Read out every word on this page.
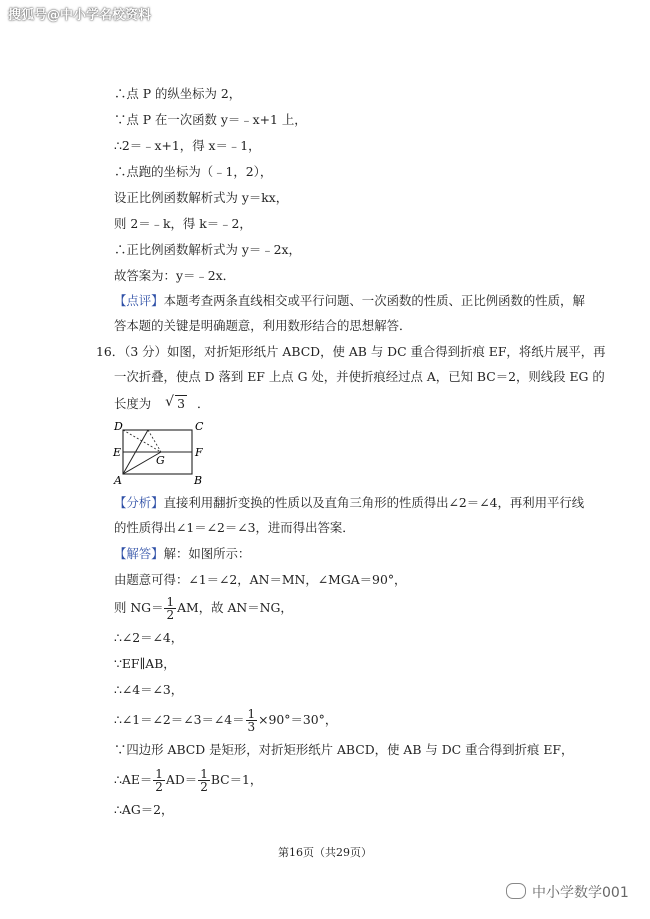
搜狐号@中小学名校资料
∴点 P 的纵坐标为 2，
∵点 P 在一次函数 y＝﹣x+1 上，
∴2＝﹣x+1，得 x＝﹣1，
∴点跑的坐标为（﹣1，2），
设正比例函数解析式为 y＝kx，
则 2＝﹣k，得 k＝﹣2，
∴正比例函数解析式为 y＝﹣2x，
故答案为：y＝﹣2x．
【点评】本题考查两条直线相交或平行问题、一次函数的性质、正比例函数的性质，解
答本题的关键是明确题意，利用数形结合的思想解答．
16．（3 分）如图，对折矩形纸片 ABCD，使 AB 与 DC 重合得到折痕 EF，将纸片展平，再
一次折叠，使点 D 落到 EF 上点 G 处，并使折痕经过点 A，已知 BC＝2，则线段 EG 的
长度为 √ 3 ．
D	C
E	F
G
A	B
【分析】直接利用翻折变换的性质以及直角三角形的性质得出∠2＝∠4，再利用平行线
的性质得出∠1＝∠2＝∠3，进而得出答案．
【解答】解：如图所示：
由题意可得：∠1＝∠2，AN＝MN，∠MGA＝90°，
则 $NG= \frac{1}{2}$ AM，故 AN＝NG，
∴∠2＝∠4，
∵EF∥AB，
∴∠4＝∠3，
∴∠1＝∠2＝∠3＝∠4＝ $\frac{1}{3} \times 90^\circ=30^\circ$，
∵四边形 ABCD 是矩形，对折矩形纸片 ABCD，使 AB 与 DC 重合得到折痕 EF，
∴AE＝ $\frac{1}{2} AD= \frac{1}{2} BC=1$，
∴AG＝2，
第16页（共29页）
中小学数学001
